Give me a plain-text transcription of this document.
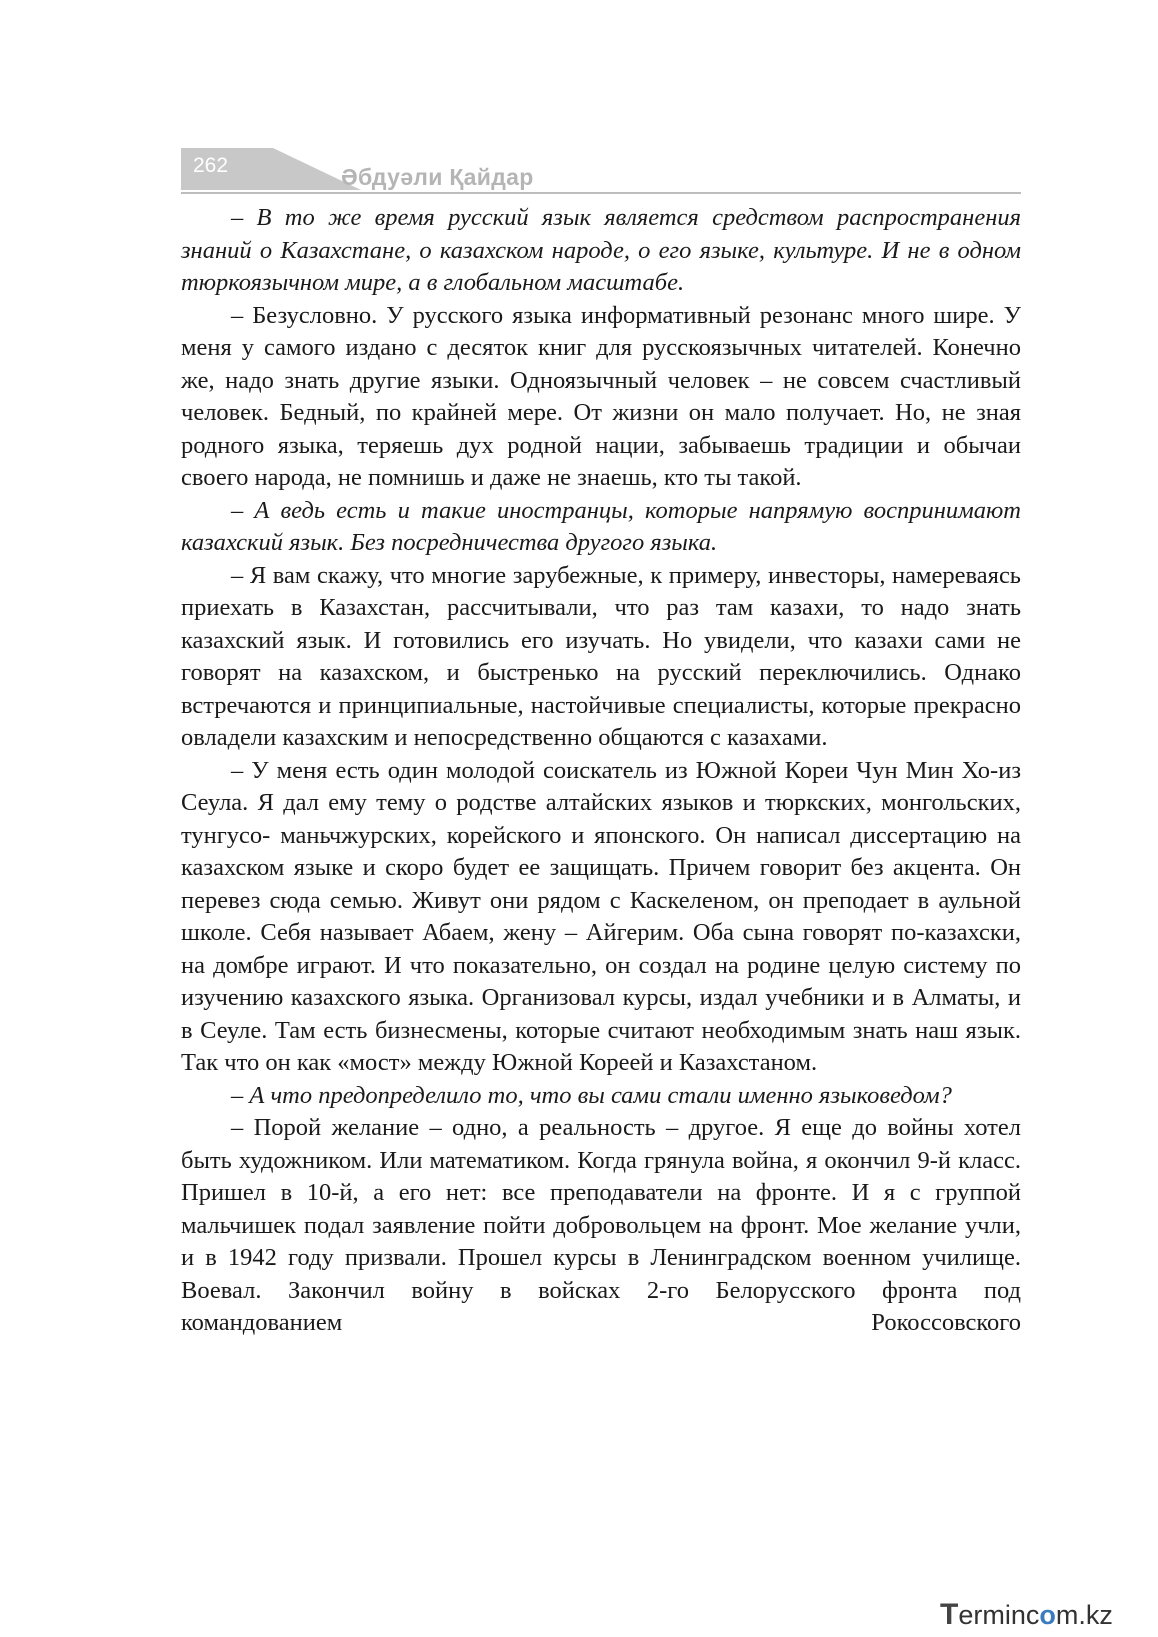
262	Әбдуәли Қайдар

– В то же время русский язык является средством распространения знаний о Казахстане, о казахском народе, о его языке, культуре. И не в одном тюркоязычном мире, а в глобальном масштабе.

– Безусловно. У русского языка информативный резонанс много шире. У меня у самого издано с десяток книг для русскоязычных читателей. Конечно же, надо знать другие языки. Одноязычный человек – не совсем счастливый человек. Бедный, по крайней мере. От жизни он мало получает. Но, не зная родного языка, теряешь дух родной нации, забываешь традиции и обычаи своего народа, не помнишь и даже не знаешь, кто ты такой.

– А ведь есть и такие иностранцы, которые напрямую воспринимают казахский язык. Без посредничества другого языка.

– Я вам скажу, что многие зарубежные, к примеру, инвесторы, намереваясь приехать в Казахстан, рассчитывали, что раз там казахи, то надо знать казахский язык. И готовились его изучать. Но увидели, что казахи сами не говорят на казахском, и быстренько на русский переключились. Однако встречаются и принципиальные, настойчивые специалисты, которые прекрасно овладели казахским и непосредственно общаются с казахами.

– У меня есть один молодой соискатель из Южной Кореи Чун Мин Хо-из Сеула. Я дал ему тему о родстве алтайских языков и тюркских, монгольских, тунгусо- маньчжурских, корейского и японского. Он написал диссертацию на казахском языке и скоро будет ее защищать. Причем говорит без акцента. Он перевез сюда семью. Живут они рядом с Каскеленом, он преподает в аульной школе. Себя называет Абаем, жену – Айгерим. Оба сына говорят по-казахски, на домбре играют. И что показательно, он создал на родине целую систему по изучению казахского языка. Организовал курсы, издал учебники и в Алматы, и в Сеуле. Там есть бизнесмены, которые считают необходимым знать наш язык. Так что он как «мост» между Южной Кореей и Казахстаном.

– А что предопределило то, что вы сами стали именно языковедом?

– Порой желание – одно, а реальность – другое. Я еще до войны хотел быть художником. Или математиком. Когда грянула война, я окончил 9-й класс. Пришел в 10-й, а его нет: все преподаватели на фронте. И я с группой мальчишек подал заявление пойти добровольцем на фронт. Мое желание учли, и в 1942 году призвали. Прошел курсы в Ленинградском военном училище. Воевал. Закончил войну в войсках 2-го Белорусского фронта под командованием Рокоссовского

Termincom.kz
